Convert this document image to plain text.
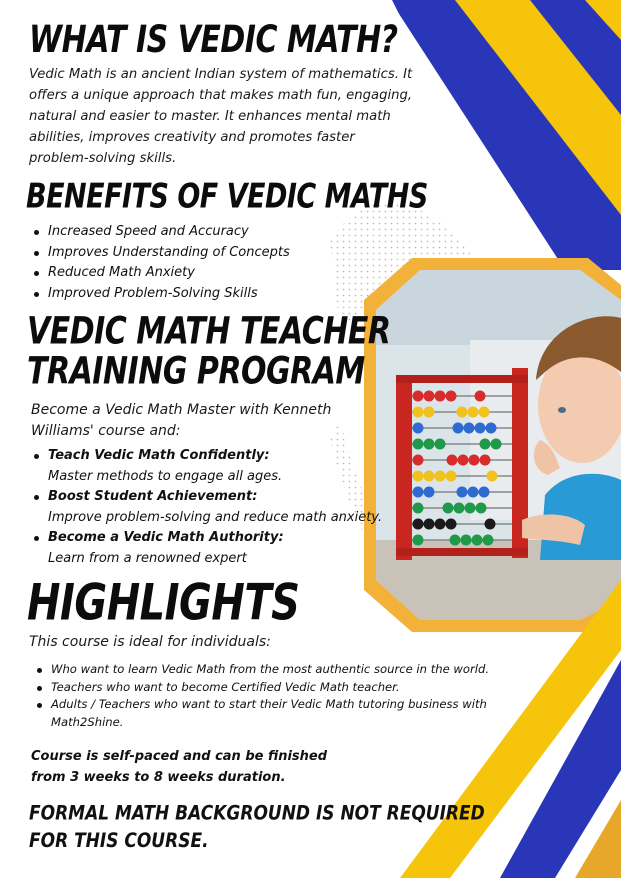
WHAT IS VEDIC MATH?

Vedic Math is an ancient Indian system of mathematics. It offers a unique approach that makes math fun, engaging, natural and easier to master. It enhances mental math abilities, improves creativity and promotes faster problem-solving skills.

BENEFITS OF VEDIC MATHS
Increased Speed and Accuracy
Improves Understanding of Concepts
Reduced Math Anxiety
Improved Problem-Solving Skills
VEDIC MATH TEACHER
TRAINING PROGRAM

Become a Vedic Math Master with Kenneth Williams' course and:

Teach Vedic Math Confidently:
Master methods to engage all ages.
Boost Student Achievement:
Improve problem-solving and reduce math anxiety.
Become a Vedic Math Authority:
Learn from a renowned expert
HIGHLIGHTS

This course is ideal for individuals:

Who want to learn Vedic Math from the most authentic source in the world.
Teachers who want to become Certified Vedic Math teacher.
Adults / Teachers who want to start their Vedic Math tutoring business with Math2Shine.
Course is self-paced and can be finished
from 3 weeks to 8 weeks duration.
FORMAL MATH BACKGROUND IS NOT REQUIRED
FOR THIS COURSE.
